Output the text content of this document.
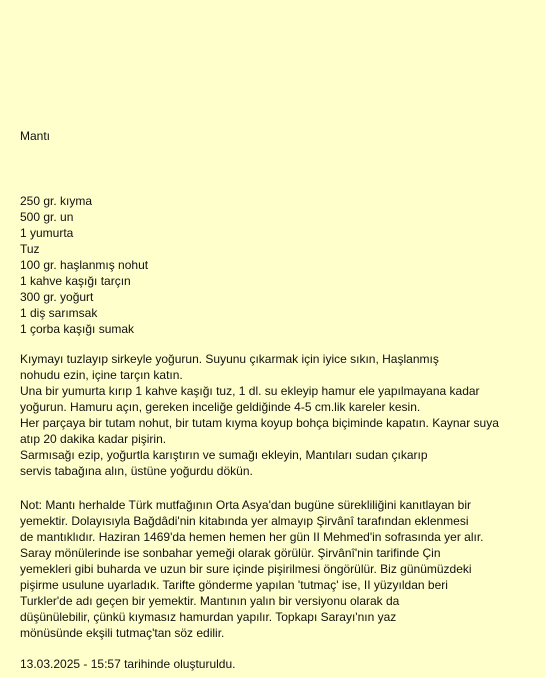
Mantı
250 gr. kıyma
500 gr. un
1 yumurta
Tuz
100 gr. haşlanmış nohut
1 kahve kaşığı tarçın
300 gr. yoğurt
1 diş sarımsak
1 çorba kaşığı sumak
Kıymayı tuzlayıp sirkeyle yoğurun. Suyunu çıkarmak için iyice sıkın, Haşlanmış
nohudu ezin, içine tarçın katın.
Una bir yumurta kırıp 1 kahve kaşığı tuz, 1 dl. su ekleyip hamur ele yapılmayana kadar
yoğurun. Hamuru açın, gereken inceliğe geldiğinde 4-5 cm.lik kareler kesin.
Her parçaya bir tutam nohut, bir tutam kıyma koyup bohça biçiminde kapatın. Kaynar suya
atıp 20 dakika kadar pişirin.
Sarmısağı ezip, yoğurtla karıştırın ve sumağı ekleyin, Mantıları sudan çıkarıp
servis tabağına alın, üstüne yoğurdu dökün.
Not: Mantı herhalde Türk mutfağının Orta Asya'dan bugüne sürekliliğini kanıtlayan bir
yemektir. Dolayısıyla Bağdâdi'nin kitabında yer almayıp Şirvânî tarafından eklenmesi
de mantıklıdır. Haziran 1469'da hemen hemen her gün II Mehmed'in sofrasında yer alır.
Saray mönülerinde ise sonbahar yemeği olarak görülür. Şirvânî'nin tarifinde Çin
yemekleri gibi buharda ve uzun bir sure içinde pişirilmesi öngörülür. Biz günümüzdeki
pişirme usulune uyarladık. Tarifte gönderme yapılan 'tutmaç' ise, II yüzyıldan beri
Turkler'de adı geçen bir yemektir. Mantının yalın bir versiyonu olarak da
düşünülebilir, çünkü kıymasız hamurdan yapılır. Topkapı Sarayı'nın yaz
mönüsünde ekşili tutmaç'tan söz edilir.
13.03.2025 - 15:57 tarihinde oluşturuldu.
